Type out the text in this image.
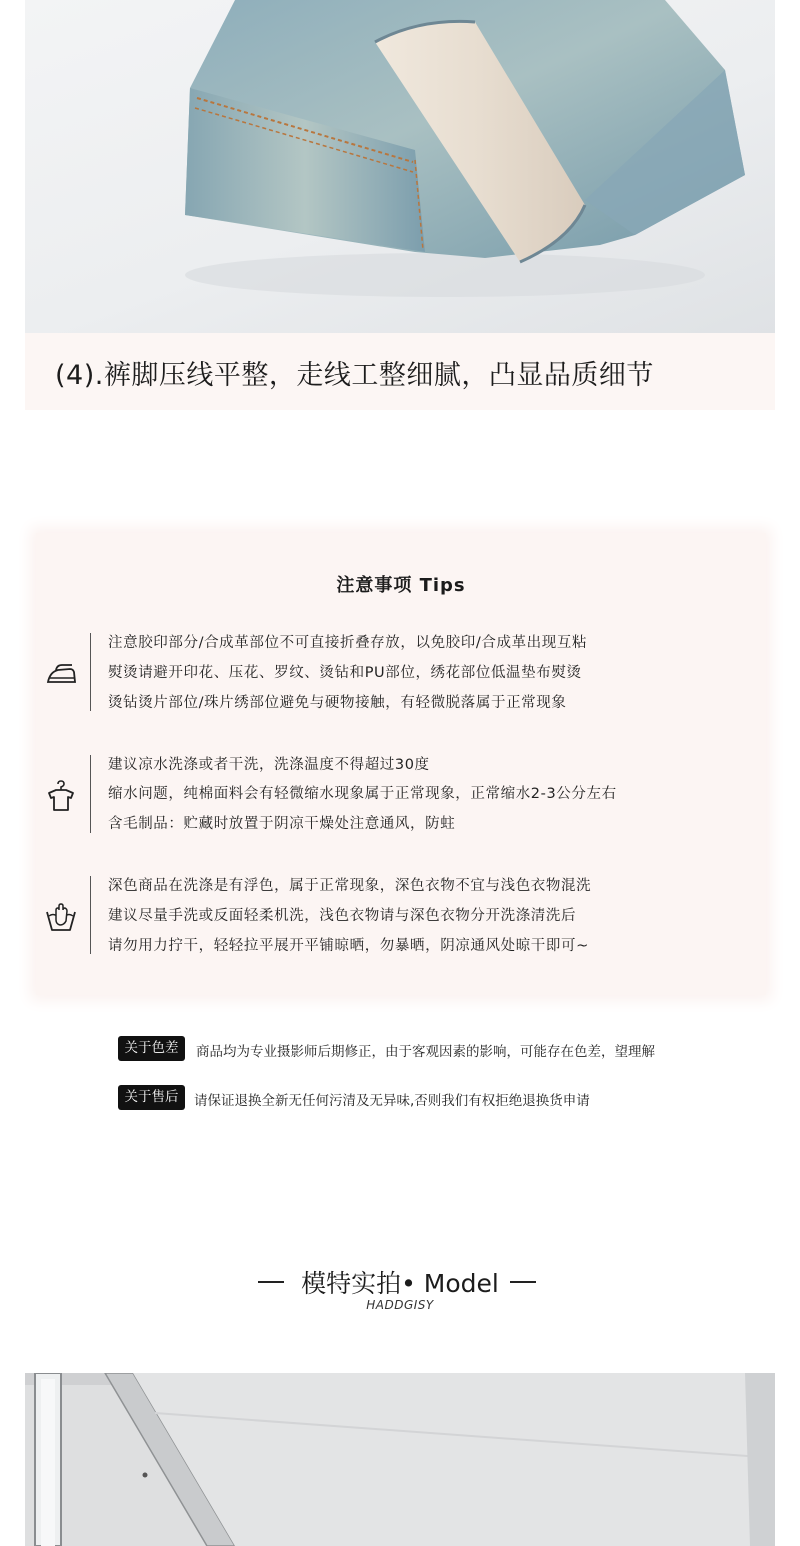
(4).裤脚压线平整，走线工整细腻，凸显品质细节
注意事项 Tips
注意胶印部分/合成革部位不可直接折叠存放，以免胶印/合成革出现互粘
熨烫请避开印花、压花、罗纹、烫钻和PU部位，绣花部位低温垫布熨烫
烫钻烫片部位/珠片绣部位避免与硬物接触，有轻微脱落属于正常现象
建议凉水洗涤或者干洗，洗涤温度不得超过30度
缩水问题，纯棉面料会有轻微缩水现象属于正常现象，正常缩水2-3公分左右
含毛制品：贮藏时放置于阴凉干燥处注意通风，防蛀
深色商品在洗涤是有浮色，属于正常现象，深色衣物不宜与浅色衣物混洗
建议尽量手洗或反面轻柔机洗，浅色衣物请与深色衣物分开洗涤清洗后
请勿用力拧干，轻轻拉平展开平铺晾晒，勿暴晒，阴凉通风处晾干即可~
关于色差	商品均为专业摄影师后期修正，由于客观因素的影响，可能存在色差，望理解
关于售后	请保证退换全新无任何污清及无异味,否则我们有权拒绝退换货申请
模特实拍• Model
HADDGISY
